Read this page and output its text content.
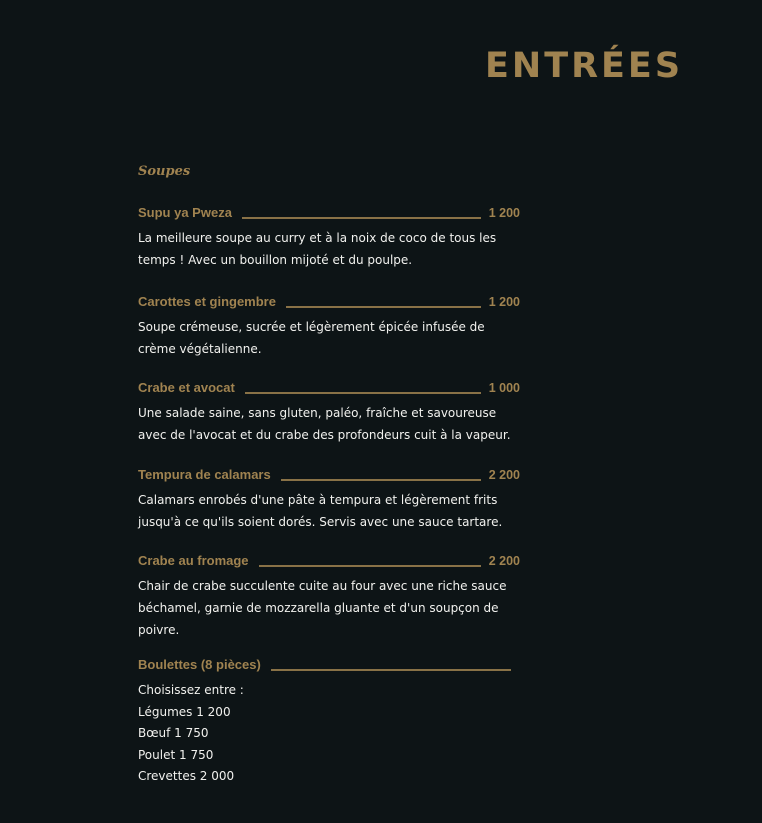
ENTRÉES
Soupes
Supu ya Pweza	1 200

La meilleure soupe au curry et à la noix de coco de tous les temps ! Avec un bouillon mijoté et du poulpe.

Carottes et gingembre	1 200

Soupe crémeuse, sucrée et légèrement épicée infusée de crème végétalienne.

Crabe et avocat	1 000

Une salade saine, sans gluten, paléo, fraîche et savoureuse avec de l'avocat et du crabe des profondeurs cuit à la vapeur.

Tempura de calamars	2 200

Calamars enrobés d'une pâte à tempura et légèrement frits jusqu'à ce qu'ils soient dorés. Servis avec une sauce tartare.

Crabe au fromage	2 200

Chair de crabe succulente cuite au four avec une riche sauce béchamel, garnie de mozzarella gluante et d'un soupçon de poivre.

Boulettes (8 pièces)
Choisissez entre :
Légumes 1 200
Bœuf 1 750
Poulet 1 750
Crevettes 2 000
